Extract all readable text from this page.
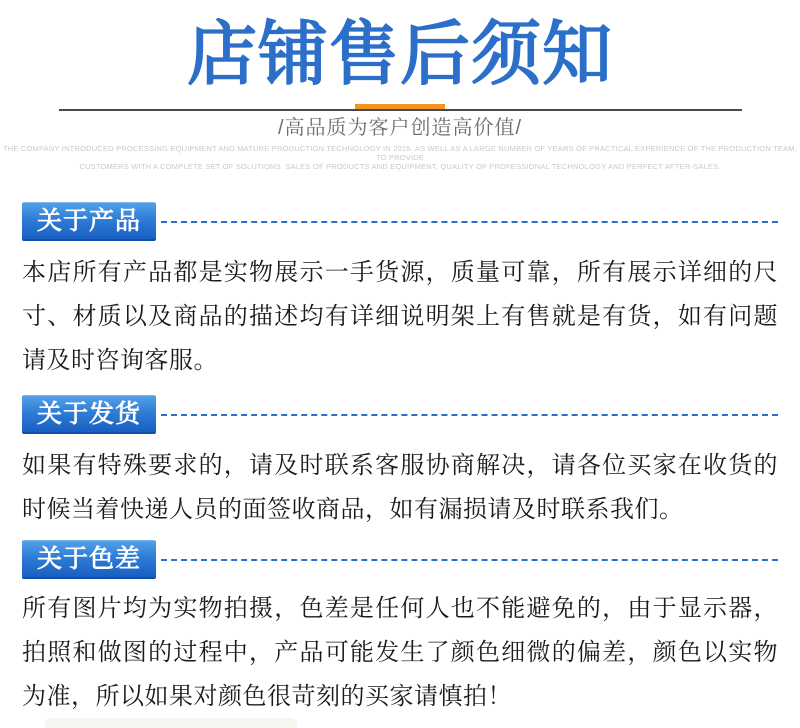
店铺售后须知
/高品质为客户创造高价值/
THE COMPANY INTRODUCED PROCESSING EQUIPMENT AND MATURE PRODUCTION TECHNOLOGY IN 2015. AS WELL AS A LARGE NUMBER OF YEARS OF PRACTICAL EXPERIENCE OF THE PRODUCTION TEAM, TO PROVIDE
CUSTOMERS WITH A COMPLETE SET OF SOLUTIONS. SALES OF PRODUCTS AND EQUIPMENT, QUALITY OF PROFESSIONAL TECHNOLOGY AND PERFECT AFTER-SALES.
关于产品

本店所有产品都是实物展示一手货源，质量可靠，所有展示详细的尺寸、材质以及商品的描述均有详细说明架上有售就是有货，如有问题请及时咨询客服。

关于发货

如果有特殊要求的，请及时联系客服协商解决，请各位买家在收货的时候当着快递人员的面签收商品，如有漏损请及时联系我们。

关于色差

所有图片均为实物拍摄，色差是任何人也不能避免的，由于显示器，拍照和做图的过程中，产品可能发生了颜色细微的偏差，颜色以实物为准，所以如果对颜色很苛刻的买家请慎拍！
